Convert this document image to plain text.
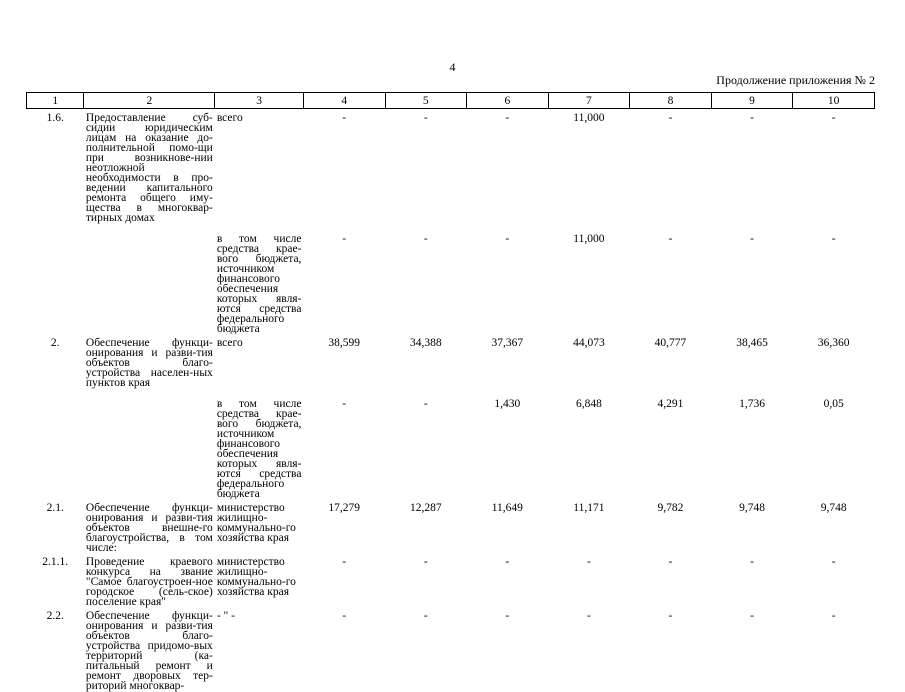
4
Продолжение приложения № 2
1	2	3	4	5	6	7	8	9	10
1.6.	Предоставление суб-сидии юридическим лицам на оказание до-полнительной помо-щи при возникнове-нии неотложной необходимости в про-ведении капитального ремонта общего иму-щества в многоквар-тирных домах	всего	-	-	-	11,000	-	-	-
		в том числе средства крае-вого бюджета, источником финансового обеспечения которых явля-ются средства федерального бюджета	-	-	-	11,000	-	-	-
2.	Обеспечение функци-онирования и разви-тия объектов благо-устройства населен-ных пунктов края	всего	38,599	34,388	37,367	44,073	40,777	38,465	36,360
		в том числе средства крае-вого бюджета, источником финансового обеспечения которых явля-ются средства федерального бюджета	-	-	1,430	6,848	4,291	1,736	0,05
2.1.	Обеспечение функци-онирования и разви-тия объектов внешне-го благоустройства, в том числе:	министерство жилищно-коммунально-го хозяйства края	17,279	12,287	11,649	11,171	9,782	9,748	9,748
2.1.1.	Проведение краевого конкурса на звание "Самое благоустроен-ное городское (сель-ское) поселение края"	министерство жилищно-коммунально-го хозяйства края	-	-	-	-	-	-	-
2.2.	Обеспечение функци-онирования и разви-тия объектов благо-устройства придомо-вых территорий (ка-питальный ремонт и ремонт дворовых тер-риторий многоквар-	- " -	-	-	-	-	-	-	-
